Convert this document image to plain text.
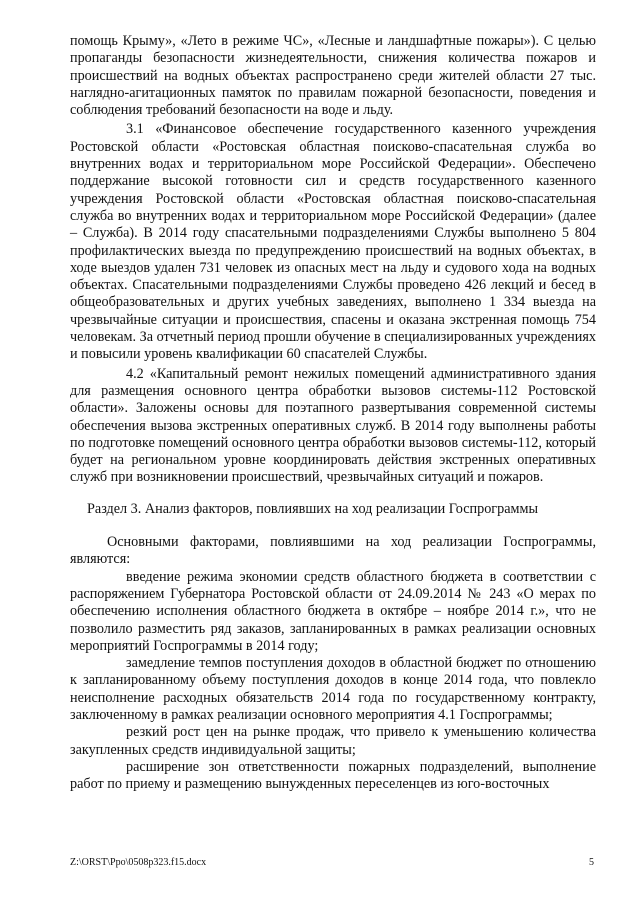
помощь Крыму», «Лето в режиме ЧС», «Лесные и ландшафтные пожары»). С целью пропаганды безопасности жизнедеятельности, снижения количества пожаров и происшествий на водных объектах распространено среди жителей области 27 тыс. наглядно-агитационных памяток по правилам пожарной безопасности, поведения и соблюдения требований безопасности на воде и льду.

3.1 «Финансовое обеспечение государственного казенного учреждения Ростовской области «Ростовская областная поисково-спасательная служба во внутренних водах и территориальном море Российской Федерации». Обеспечено поддержание высокой готовности сил и средств государственного казенного учреждения Ростовской области «Ростовская областная поисково-спасательная служба во внутренних водах и территориальном море Российской Федерации» (далее – Служба). В 2014 году спасательными подразделениями Службы выполнено 5 804 профилактических выезда по предупреждению происшествий на водных объектах, в ходе выездов удален 731 человек из опасных мест на льду и судового хода на водных объектах. Спасательными подразделениями Службы проведено 426 лекций и бесед в общеобразовательных и других учебных заведениях, выполнено 1 334 выезда на чрезвычайные ситуации и происшествия, спасены и оказана экстренная помощь 754 человекам. За отчетный период прошли обучение в специализированных учреждениях и повысили уровень квалификации 60 спасателей Службы.

4.2 «Капитальный ремонт нежилых помещений административного здания для размещения основного центра обработки вызовов системы-112 Ростовской области». Заложены основы для поэтапного развертывания современной системы обеспечения вызова экстренных оперативных служб. В 2014 году выполнены работы по подготовке помещений основного центра обработки вызовов системы-112, который будет на региональном уровне координировать действия экстренных оперативных служб при возникновении происшествий, чрезвычайных ситуаций и пожаров.

Раздел 3. Анализ факторов, повлиявших на ход реализации Госпрограммы

Основными факторами, повлиявшими на ход реализации Госпрограммы, являются:

введение режима экономии средств областного бюджета в соответствии с распоряжением Губернатора Ростовской области от 24.09.2014 № 243 «О мерах по обеспечению исполнения областного бюджета в октябре – ноябре 2014 г.», что не позволило разместить ряд заказов, запланированных в рамках реализации основных мероприятий Госпрограммы в 2014 году;

замедление темпов поступления доходов в областной бюджет по отношению к запланированному объему поступления доходов в конце 2014 года, что повлекло неисполнение расходных обязательств 2014 года по государственному контракту, заключенному в рамках реализации основного мероприятия 4.1 Госпрограммы;

резкий рост цен на рынке продаж, что привело к уменьшению количества закупленных средств индивидуальной защиты;

расширение зон ответственности пожарных подразделений, выполнение работ по приему и размещению вынужденных переселенцев из юго-восточных

Z:\ORST\Ppo\0508p323.f15.docx	5
